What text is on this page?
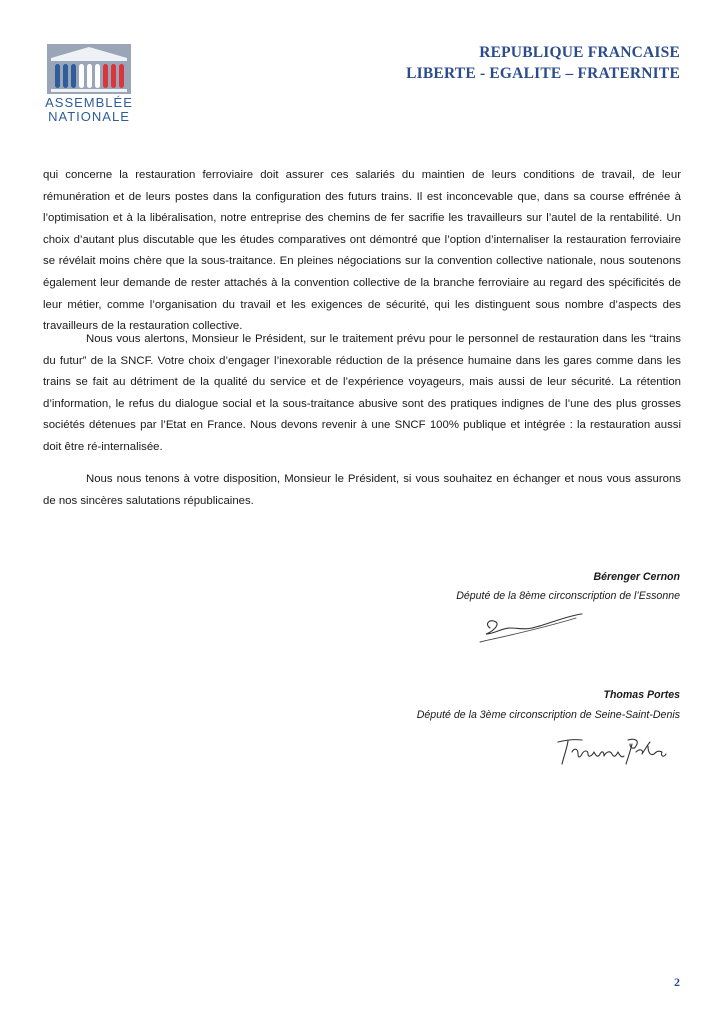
ASSEMBLÉE
NATIONALE
REPUBLIQUE FRANCAISE
LIBERTE - EGALITE – FRATERNITE

qui concerne la restauration ferroviaire doit assurer ces salariés du maintien de leurs conditions de travail, de leur rémunération et de leurs postes dans la configuration des futurs trains. Il est inconcevable que, dans sa course effrénée à l’optimisation et à la libéralisation, notre entreprise des chemins de fer sacrifie les travailleurs sur l’autel de la rentabilité. Un choix d’autant plus discutable que les études comparatives ont démontré que l’option d’internaliser la restauration ferroviaire se révélait moins chère que la sous-traitance. En pleines négociations sur la convention collective nationale, nous soutenons également leur demande de rester attachés à la convention collective de la branche ferroviaire au regard des spécificités de leur métier, comme l’organisation du travail et les exigences de sécurité, qui les distinguent sous nombre d’aspects des travailleurs de la restauration collective.

Nous vous alertons, Monsieur le Président, sur le traitement prévu pour le personnel de restauration dans les “trains du futur” de la SNCF. Votre choix d’engager l’inexorable réduction de la présence humaine dans les gares comme dans les trains se fait au détriment de la qualité du service et de l’expérience voyageurs, mais aussi de leur sécurité. La rétention d’information, le refus du dialogue social et la sous-traitance abusive sont des pratiques indignes de l’une des plus grosses sociétés détenues par l’Etat en France. Nous devons revenir à une SNCF 100% publique et intégrée : la restauration aussi doit être ré-internalisée.

Nous nous tenons à votre disposition, Monsieur le Président, si vous souhaitez en échanger et nous vous assurons de nos sincères salutations républicaines.

Bérenger Cernon
Député de la 8ème circonscription de l’Essonne
Thomas Portes
Député de la 3ème circonscription de Seine-Saint-Denis
2
